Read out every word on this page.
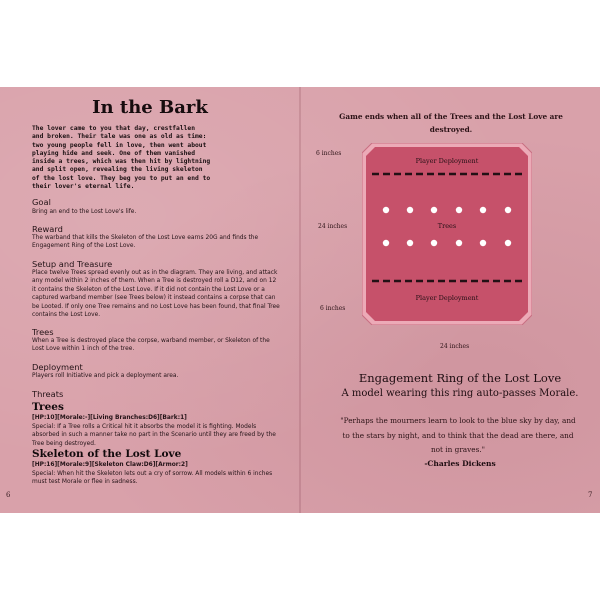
In the Bark
The lover came to you that day, crestfallen
and broken. Their tale was one as old as time:
two young people fell in love, then went about
playing hide and seek. One of them vanished
inside a trees, which was then hit by lightning
and split open, revealing the living skeleton
of the lost love. They beg you to put an end to
their lover's eternal life.
Goal

Bring an end to the Lost Love's life.

Reward

The warband that kills the Skeleton of the Lost Love earns 20G and finds the Engagement Ring of the Lost Love.

Setup and Treasure

Place twelve Trees spread evenly out as in the diagram. They are living, and attack any model within 2 inches of them. When a Tree is destroyed roll a D12, and on 12 it contains the Skeleton of the Lost Love. If it did not contain the Lost Love or a captured warband member (see Trees below) it instead contains a corpse that can be Looted. If only one Tree remains and no Lost Love has been found, that final Tree contains the Lost Love.

Trees

When a Tree is destroyed place the corpse, warband member, or Skeleton of the Lost Love within 1 inch of the tree.

Deployment

Players roll Initiative and pick a deployment area.

Threats
Trees

[HP:10][Morale:-][Living Branches:D6][Bark:1]

Special: If a Tree rolls a Critical hit it absorbs the model it is fighting. Models absorbed in such a manner take no part in the Scenario until they are freed by the Tree being destroyed.

Skeleton of the Lost Love

[HP:16][Morale:9][Skeleton Claw:D6][Armor:2]

Special: When hit the Skeleton lets out a cry of sorrow. All models within 6 inches must test Morale or flee in sadness.

6
Game ends when all of the Trees and the Lost Love are destroyed.
6 inches
24 inches
6 inches
24 inches
Player Deployment
Trees
Player Deployment
Engagement Ring of the Lost Love
A model wearing this ring auto-passes Morale.

"Perhaps the mourners learn to look to the blue sky by day, and to the stars by night, and to think that the dead are there, and not in graves."

-Charles Dickens
7
